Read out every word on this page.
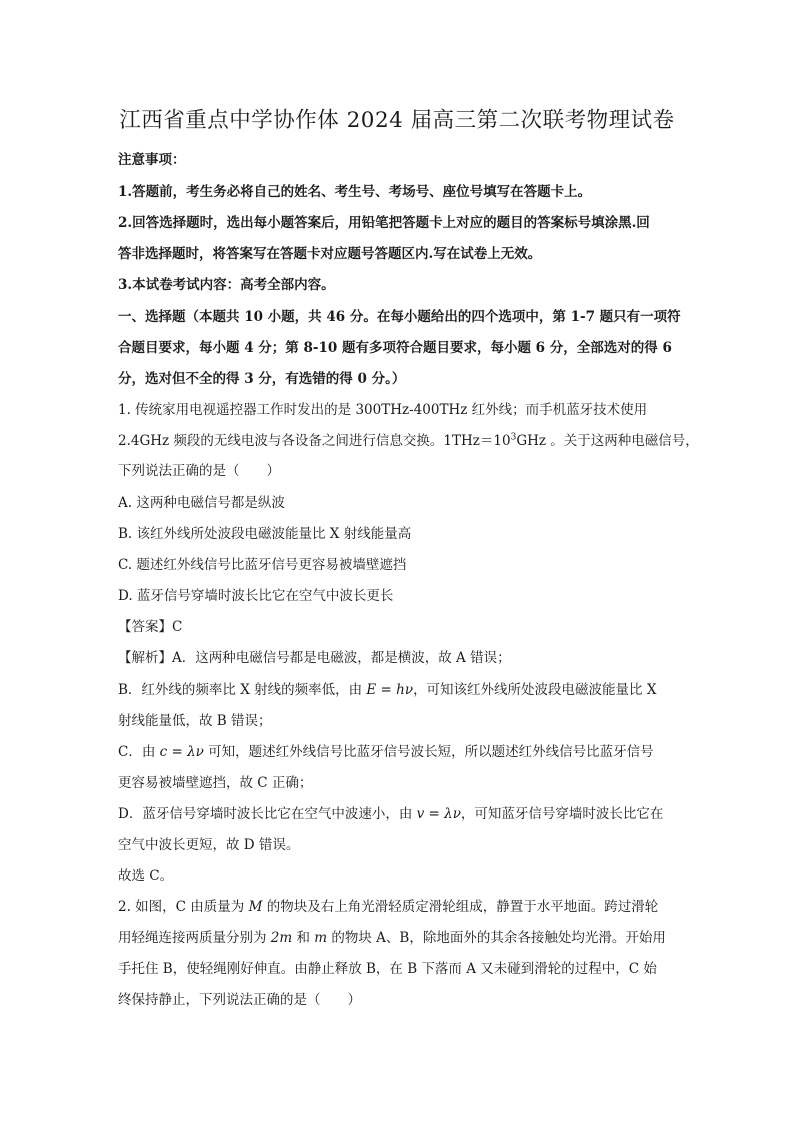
江西省重点中学协作体 2024 届高三第二次联考物理试卷
注意事项：
1.答题前，考生务必将自己的姓名、考生号、考场号、座位号填写在答题卡上。
2.回答选择题时，选出每小题答案后，用铅笔把答题卡上对应的题目的答案标号填涂黑.回
答非选择题时，将答案写在答题卡对应题号答题区内.写在试卷上无效。
3.本试卷考试内容：高考全部内容。
一、选择题（本题共 10 小题，共 46 分。在每小题给出的四个选项中，第 1-7 题只有一项符
合题目要求，每小题 4 分；第 8-10 题有多项符合题目要求，每小题 6 分，全部选对的得 6
分，选对但不全的得 3 分，有选错的得 0 分。）
1. 传统家用电视遥控器工作时发出的是 300THz-400THz 红外线；而手机蓝牙技术使用
2.4GHz 频段的无线电波与各设备之间进行信息交换。$1THz=10^3GHz$ 。关于这两种电磁信号，
下列说法正确的是（　　）
A. 这两种电磁信号都是纵波
B. 该红外线所处波段电磁波能量比 X 射线能量高
C. 题述红外线信号比蓝牙信号更容易被墙壁遮挡
D. 蓝牙信号穿墙时波长比它在空气中波长更长
【答案】C
【解析】A．这两种电磁信号都是电磁波，都是横波，故 A 错误；
B．红外线的频率比 X 射线的频率低，由 E = hν，可知该红外线所处波段电磁波能量比 X
射线能量低，故 B 错误；
C．由 c = λν 可知，题述红外线信号比蓝牙信号波长短，所以题述红外线信号比蓝牙信号
更容易被墙壁遮挡，故 C 正确；
D．蓝牙信号穿墙时波长比它在空气中波速小，由 v = λν，可知蓝牙信号穿墙时波长比它在
空气中波长更短，故 D 错误。
故选 C。
2. 如图，C 由质量为 M 的物块及右上角光滑轻质定滑轮组成，静置于水平地面。跨过滑轮
用轻绳连接两质量分别为 2m 和 m 的物块 A、B，除地面外的其余各接触处均光滑。开始用
手托住 B，使轻绳刚好伸直。由静止释放 B，在 B 下落而 A 又未碰到滑轮的过程中，C 始
终保持静止，下列说法正确的是（　　）
